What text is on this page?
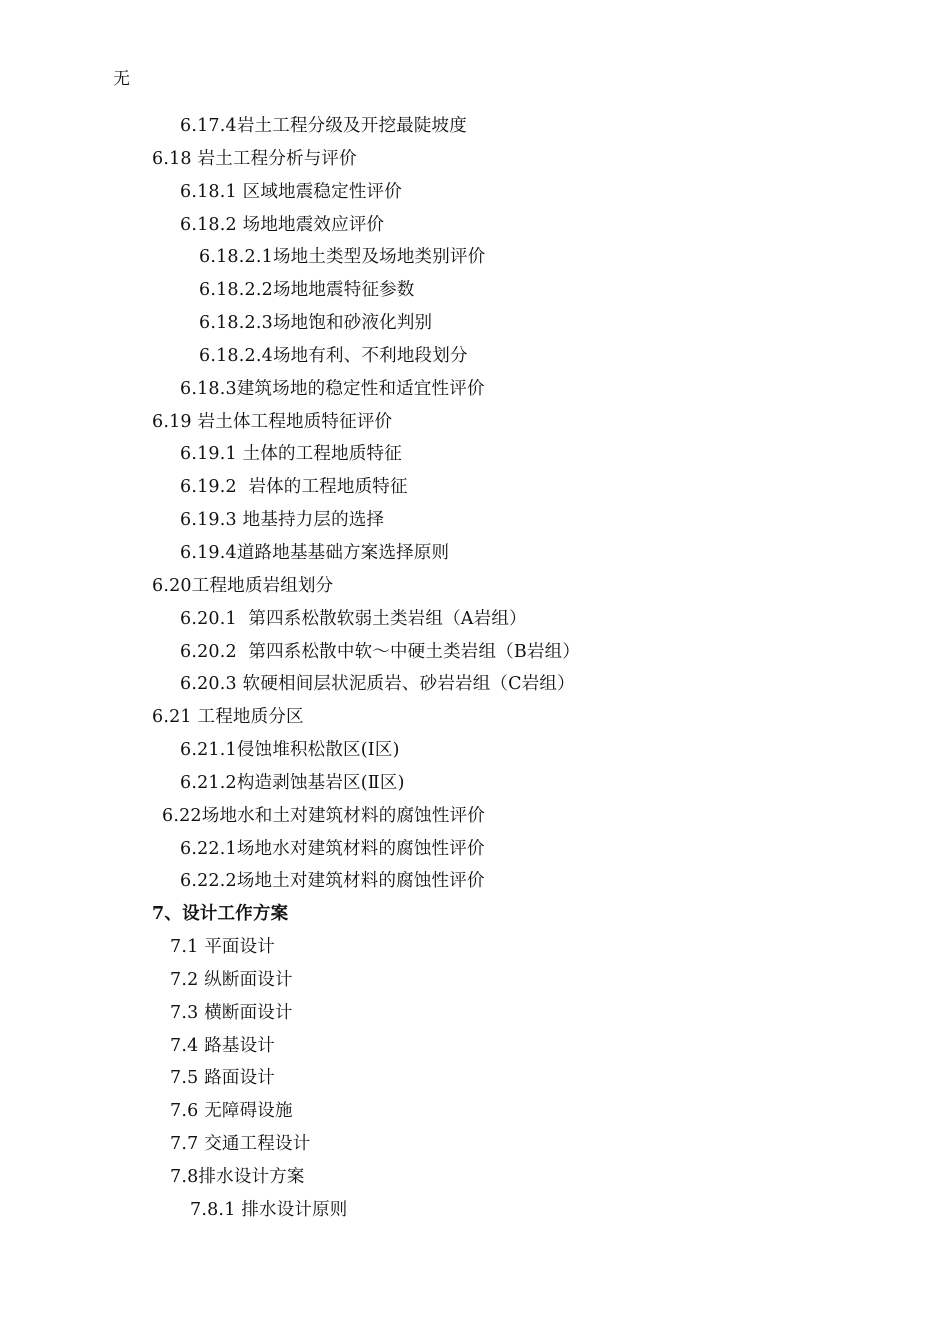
无
6.17.4岩土工程分级及开挖最陡坡度
6.18 岩土工程分析与评价
6.18.1 区域地震稳定性评价
6.18.2 场地地震效应评价
6.18.2.1场地土类型及场地类别评价
6.18.2.2场地地震特征参数
6.18.2.3场地饱和砂液化判别
6.18.2.4场地有利、不利地段划分
6.18.3建筑场地的稳定性和适宜性评价
6.19 岩土体工程地质特征评价
6.19.1 土体的工程地质特征
6.19.2  岩体的工程地质特征
6.19.3 地基持力层的选择
6.19.4道路地基基础方案选择原则
6.20工程地质岩组划分
6.20.1  第四系松散软弱土类岩组（A岩组）
6.20.2  第四系松散中软～中硬土类岩组（B岩组）
6.20.3 软硬相间层状泥质岩、砂岩岩组（C岩组）
6.21 工程地质分区
6.21.1侵蚀堆积松散区(Ⅰ区)
6.21.2构造剥蚀基岩区(Ⅱ区)
6.22场地水和土对建筑材料的腐蚀性评价
6.22.1场地水对建筑材料的腐蚀性评价
6.22.2场地土对建筑材料的腐蚀性评价
7、设计工作方案
7.1 平面设计
7.2 纵断面设计
7.3 横断面设计
7.4 路基设计
7.5 路面设计
7.6 无障碍设施
7.7 交通工程设计
7.8排水设计方案
7.8.1 排水设计原则
